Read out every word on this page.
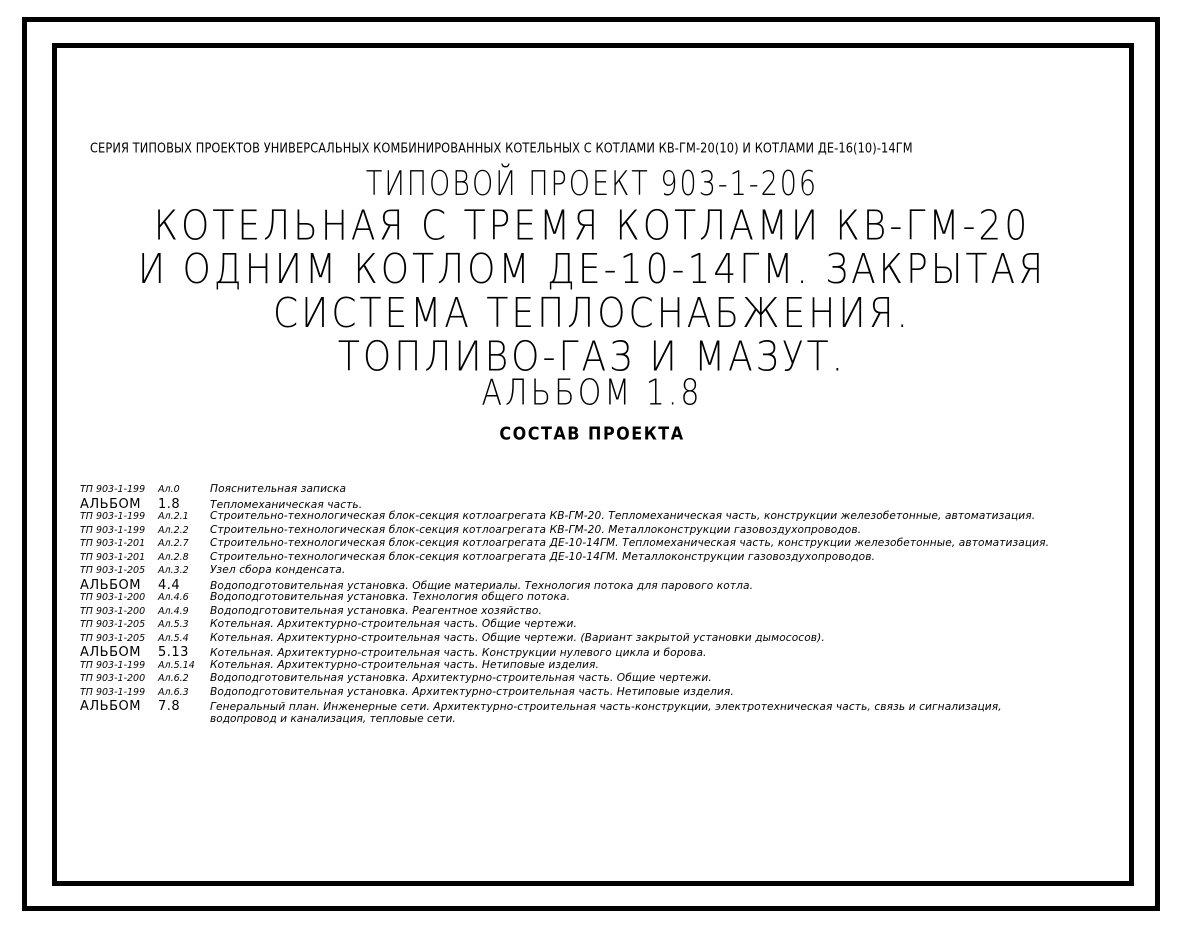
СЕРИЯ ТИПОВЫХ ПРОЕКТОВ УНИВЕРСАЛЬНЫХ КОМБИНИРОВАННЫХ КОТЕЛЬНЫХ С КОТЛАМИ КВ-ГМ-20(10) И КОТЛАМИ ДЕ-16(10)-14ГМ
ТИПОВОЙ ПРОЕКТ 903-1-206
КОТЕЛЬНАЯ С ТРЕМЯ КОТЛАМИ КВ-ГМ-20
И ОДНИМ КОТЛОМ ДЕ-10-14ГМ. ЗАКРЫТАЯ
СИСТЕМА ТЕПЛОСНАБЖЕНИЯ.
ТОПЛИВО-ГАЗ И МАЗУТ.
АЛЬБОМ 1.8
СОСТАВ ПРОЕКТА
ТП 903-1-199	Ал.0	Пояснительная записка
АЛЬБОМ	1.8	Тепломеханическая часть.
ТП 903-1-199	Ал.2.1	Строительно-технологическая блок-секция котлоагрегата КВ-ГМ-20. Тепломеханическая часть, конструкции железобетонные, автоматизация.
ТП 903-1-199	Ал.2.2	Строительно-технологическая блок-секция котлоагрегата КВ-ГМ-20. Металлоконструкции газовоздухопроводов.
ТП 903-1-201	Ал.2.7	Строительно-технологическая блок-секция котлоагрегата ДЕ-10-14ГМ. Тепломеханическая часть, конструкции железобетонные, автоматизация.
ТП 903-1-201	Ал.2.8	Строительно-технологическая блок-секция котлоагрегата ДЕ-10-14ГМ. Металлоконструкции газовоздухопроводов.
ТП 903-1-205	Ал.3.2	Узел сбора конденсата.
АЛЬБОМ	4.4	Водоподготовительная установка. Общие материалы. Технология потока для парового котла.
ТП 903-1-200	Ал.4.6	Водоподготовительная установка. Технология общего потока.
ТП 903-1-200	Ал.4.9	Водоподготовительная установка. Реагентное хозяйство.
ТП 903-1-205	Ал.5.3	Котельная. Архитектурно-строительная часть. Общие чертежи.
ТП 903-1-205	Ал.5.4	Котельная. Архитектурно-строительная часть. Общие чертежи. (Вариант закрытой установки дымососов).
АЛЬБОМ	5.13	Котельная. Архитектурно-строительная часть. Конструкции нулевого цикла и борова.
ТП 903-1-199	Ал.5.14	Котельная. Архитектурно-строительная часть. Нетиповые изделия.
ТП 903-1-200	Ал.6.2	Водоподготовительная установка. Архитектурно-строительная часть. Общие чертежи.
ТП 903-1-199	Ал.6.3	Водоподготовительная установка. Архитектурно-строительная часть. Нетиповые изделия.
АЛЬБОМ	7.8	Генеральный план. Инженерные сети. Архитектурно-строительная часть-конструкции, электротехническая часть, связь и сигнализация,
водопровод и канализация, тепловые сети.
